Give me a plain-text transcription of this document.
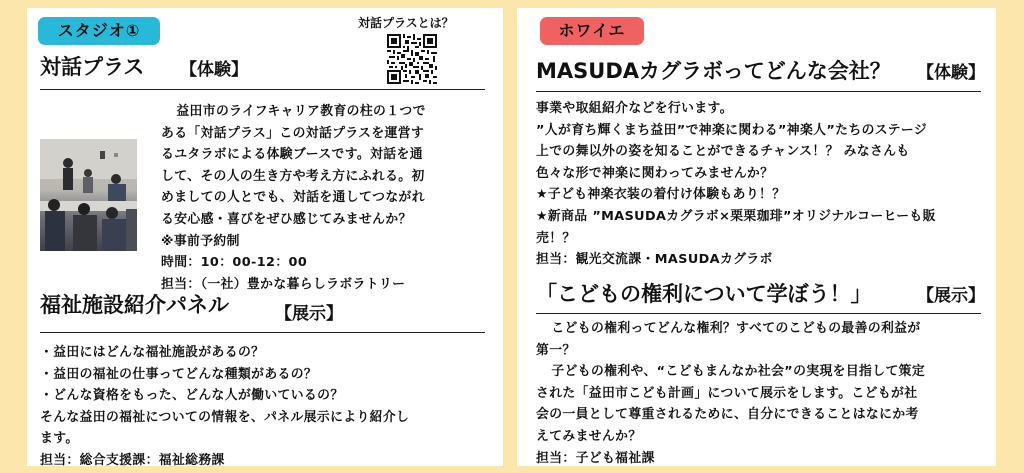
スタジオ①	対話プラスとは？
対話プラス 【体験】

益田市のライフキャリア教育の柱の１つで

ある「対話プラス」この対話プラスを運営す

るユタラボによる体験ブースです。対話を通

して、その人の生き方や考え方にふれる。初

めましての人とでも、対話を通してつながれ

る安心感・喜びをぜひ感じてみませんか？

※事前予約制

時間：10：00-12：00

担当：（一社）豊かな暮らしラボラトリー

福祉施設紹介パネル	【展示】

・益田にはどんな福祉施設があるの？

・益田の福祉の仕事ってどんな種類があるの？

・どんな資格をもった、どんな人が働いているの？

そんな益田の福祉についての情報を、パネル展示により紹介し

ます。

担当：総合支援課：福祉総務課

ホワイエ
MASUDAカグラボってどんな会社？ 【体験】

事業や取組紹介などを行います。

”人が育ち輝くまち益田”で神楽に関わる”神楽人”たちのステージ

上での舞以外の姿を知ることができるチャンス！？ みなさんも

色々な形で神楽に関わってみませんか？

★子ども神楽衣装の着付け体験もあり！？

★新商品 ”MASUDAカグラボ×栗栗珈琲”オリジナルコーヒーも販

売！？

担当：観光交流課・MASUDAカグラボ

「こどもの権利について学ぼう！」	【展示】

こどもの権利ってどんな権利？すべてのこどもの最善の利益が

第一？

子どもの権利や、“こどもまんなか社会”の実現を目指して策定

された「益田市こども計画」について展示をします。こどもが社

会の一員として尊重されるために、自分にできることはなにか考

えてみませんか？

担当：子ども福祉課
